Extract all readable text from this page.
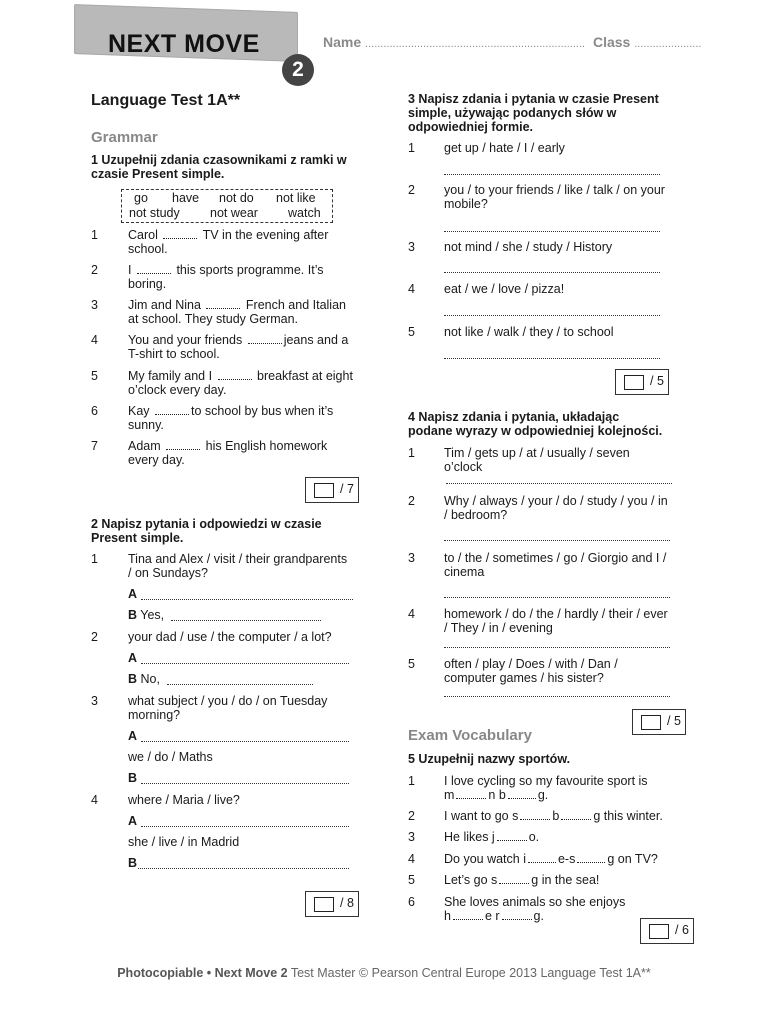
NEXT MOVE
2
Name ........................................................................ Class ......................
Language Test 1A**
Grammar
1 Uzupełnij zdania czasownikami z ramki w
czasie Present simple.
go have not do not like
not study not wear watch
1 Carol	TV in the evening after
school.
2 I	this sports programme. It’s
boring.
3 Jim and Nina	French and Italian
at school. They study German.
4 You and your friends	jeans and a
T-shirt to school.
5 My family and I	breakfast at eight
o’clock every day.
6 Kay	to school by bus when it’s
sunny.
7 Adam	his English homework
every day.
/ 7
2 Napisz pytania i odpowiedzi w czasie
Present simple.
1 Tina and Alex / visit / their grandparents
/ on Sundays?
A
B Yes,
2 your dad / use / the computer / a lot?
A
B No,
3 what subject / you / do / on Tuesday
morning?
A
we / do / Maths
B
4 where / Maria / live?
A
she / live / in Madrid
B
/ 8
3 Napisz zdania i pytania w czasie Present
simple, używając podanych słów w
odpowiedniej formie.
1 get up / hate / I / early
2 you / to your friends / like / talk / on your
mobile?
3 not mind / she / study / History
4 eat / we / love / pizza!
5 not like / walk / they / to school
/ 5
4 Napisz zdania i pytania, układając
podane wyrazy w odpowiedniej kolejności.
1 Tim / gets up / at / usually / seven
o’clock
2 Why / always / your / do / study / you / in
/ bedroom?
3 to / the / sometimes / go / Giorgio and I /
cinema
4 homework / do / the / hardly / their / ever
/ They / in / evening
5 often / play / Does / with / Dan /
computer games / his sister?
/ 5
Exam Vocabulary
5 Uzupełnij nazwy sportów.
1 I love cycling so my favourite sport is
m	n b	g.
2 I want to go s	b	g this winter.
3 He likes j	o.
4 Do you watch i	e-s	g on TV?
5 Let’s go s	g in the sea!
6 She loves animals so she enjoys
h	e r	g.
/ 6
Photocopiable • Next Move 2 Test Master © Pearson Central Europe 2013 Language Test 1A**
